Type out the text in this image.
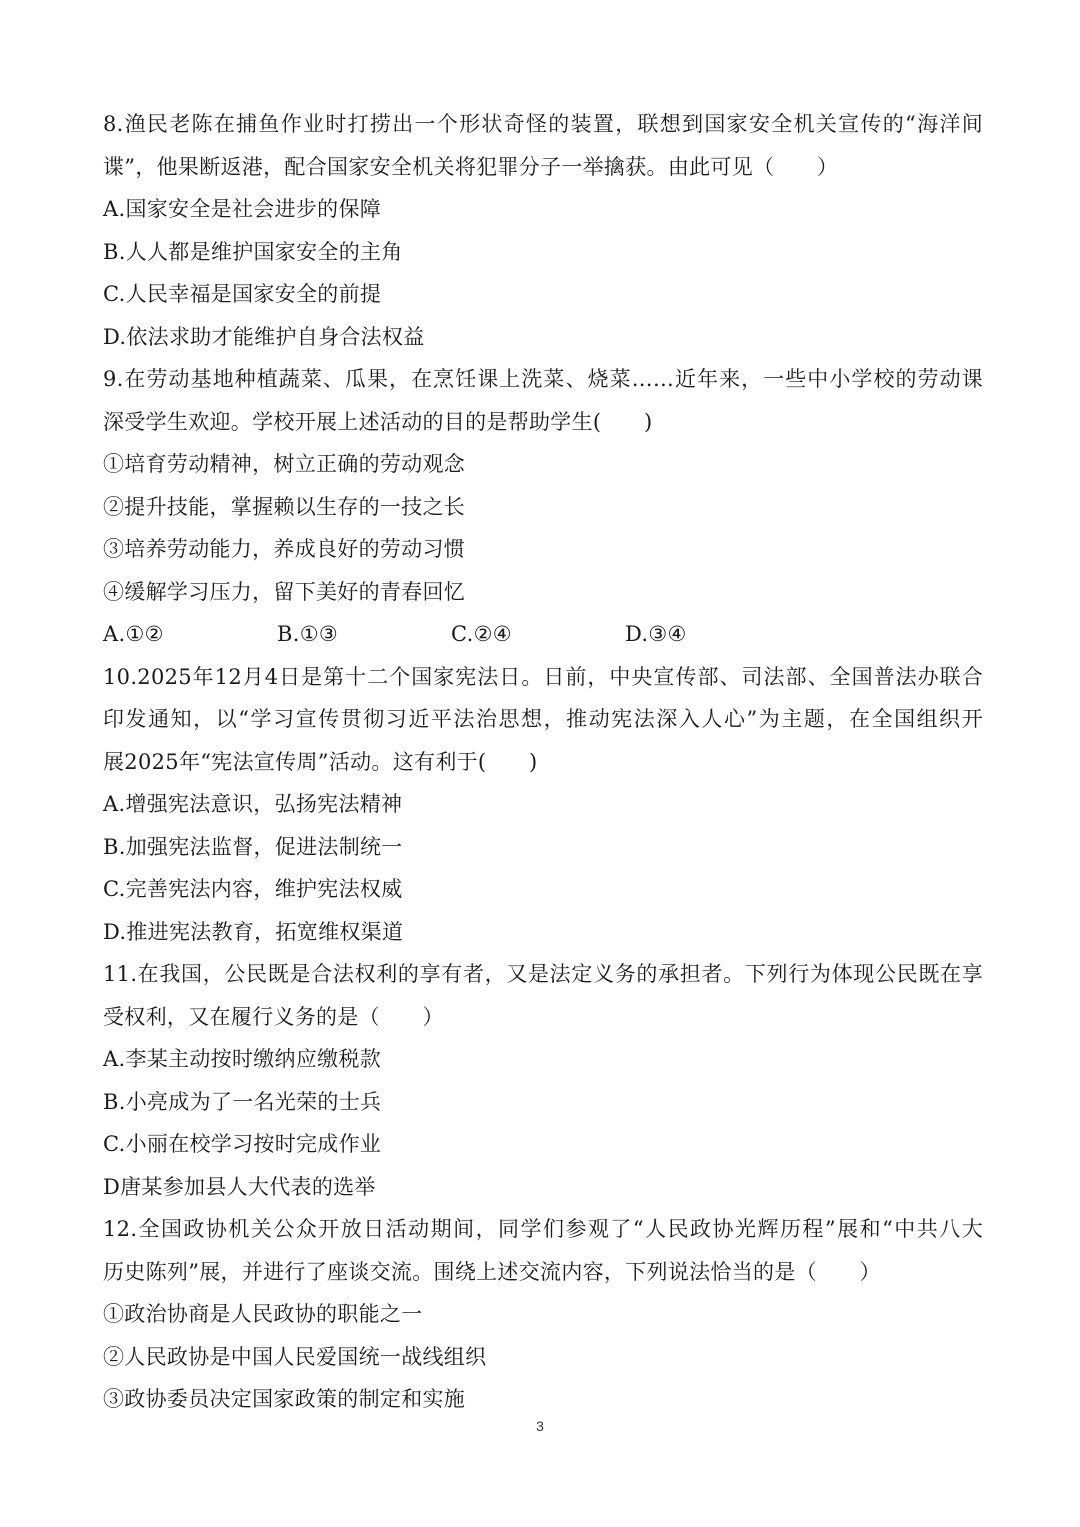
8.渔民老陈在捕鱼作业时打捞出一个形状奇怪的装置，联想到国家安全机关宣传的“海洋间
谍”，他果断返港，配合国家安全机关将犯罪分子一举擒获。由此可见（　　）
A.国家安全是社会进步的保障
B.人人都是维护国家安全的主角
C.人民幸福是国家安全的前提
D.依法求助才能维护自身合法权益
9.在劳动基地种植蔬菜、瓜果，在烹饪课上洗菜、烧菜……近年来，一些中小学校的劳动课
深受学生欢迎。学校开展上述活动的目的是帮助学生(　　)
①培育劳动精神，树立正确的劳动观念
②提升技能，掌握赖以生存的一技之长
③培养劳动能力，养成良好的劳动习惯
④缓解学习压力，留下美好的青春回忆
A.①②	B.①③	C.②④	D.③④
10.2025年12月4日是第十二个国家宪法日。日前，中央宣传部、司法部、全国普法办联合
印发通知，以“学习宣传贯彻习近平法治思想，推动宪法深入人心”为主题，在全国组织开
展2025年“宪法宣传周”活动。这有利于(　　)
A.增强宪法意识，弘扬宪法精神
B.加强宪法监督，促进法制统一
C.完善宪法内容，维护宪法权威
D.推进宪法教育，拓宽维权渠道
11.在我国，公民既是合法权利的享有者，又是法定义务的承担者。下列行为体现公民既在享
受权利，又在履行义务的是（　　）
A.李某主动按时缴纳应缴税款
B.小亮成为了一名光荣的士兵
C.小丽在校学习按时完成作业
D唐某参加县人大代表的选举
12.全国政协机关公众开放日活动期间，同学们参观了“人民政协光辉历程”展和“中共八大
历史陈列”展，并进行了座谈交流。围绕上述交流内容，下列说法恰当的是（　　）
①政治协商是人民政协的职能之一
②人民政协是中国人民爱国统一战线组织
③政协委员决定国家政策的制定和实施
3
